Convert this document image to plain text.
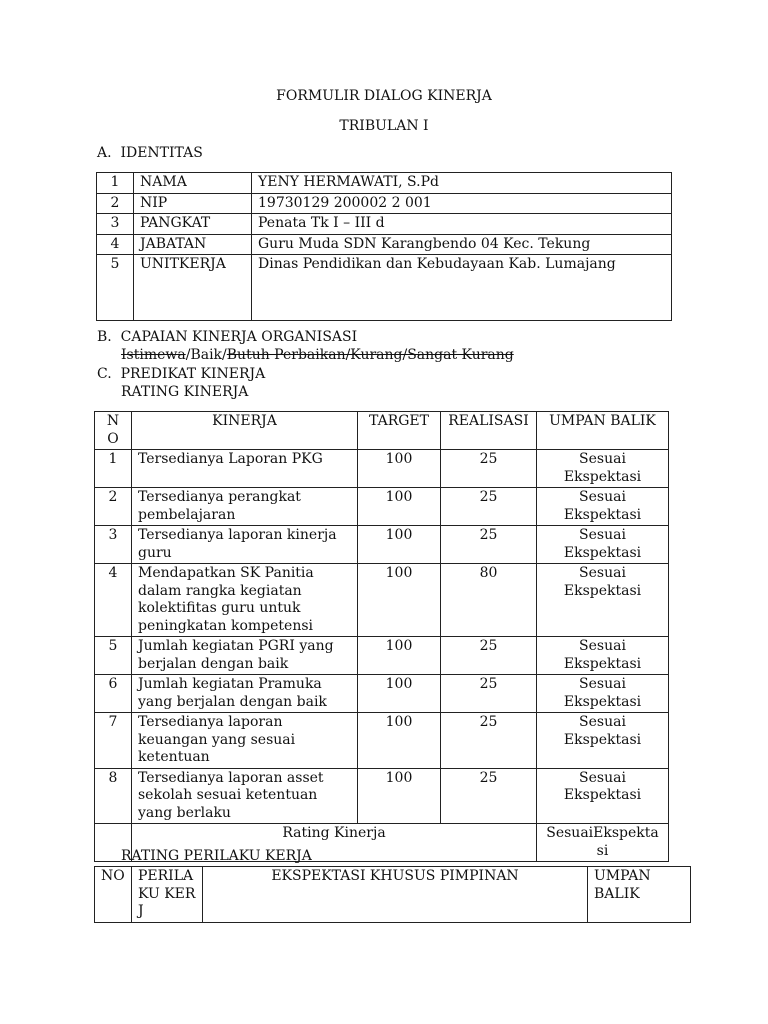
FORMULIR DIALOG KINERJA
TRIBULAN I
A.  IDENTITAS
1	NAMA	YENY HERMAWATI, S.Pd
2	NIP	19730129 200002 2 001
3	PANGKAT	Penata Tk I – III d
4	JABATAN	Guru Muda SDN Karangbendo 04 Kec. Tekung
5	UNITKERJA	Dinas Pendidikan dan Kebudayaan Kab. Lumajang
B.  CAPAIAN KINERJA ORGANISASI
Istimewa/Baik/Butuh Perbaikan/Kurang/Sangat Kurang
C.  PREDIKAT KINERJA
RATING KINERJA
N O	KINERJA	TARGET	REALISASI	UMPAN BALIK
1	Tersedianya Laporan PKG	100	25	Sesuai Ekspektasi
2	Tersedianya perangkat pembelajaran	100	25	Sesuai Ekspektasi
3	Tersedianya laporan kinerja guru	100	25	Sesuai Ekspektasi
4	Mendapatkan SK Panitia dalam rangka kegiatan kolektifitas guru untuk peningkatan kompetensi	100	80	Sesuai Ekspektasi
5	Jumlah kegiatan PGRI yang berjalan dengan baik	100	25	Sesuai Ekspektasi
6	Jumlah kegiatan Pramuka yang berjalan dengan baik	100	25	Sesuai Ekspektasi
7	Tersedianya laporan keuangan yang sesuai ketentuan	100	25	Sesuai Ekspektasi
8	Tersedianya laporan asset sekolah sesuai ketentuan yang berlaku	100	25	Sesuai Ekspektasi
	Rating Kinerja			SesuaiEkspektasi
RATING PERILAKU KERJA
NO	PERILAKU KERJ	EKSPEKTASI KHUSUS PIMPINAN	UMPAN BALIK
